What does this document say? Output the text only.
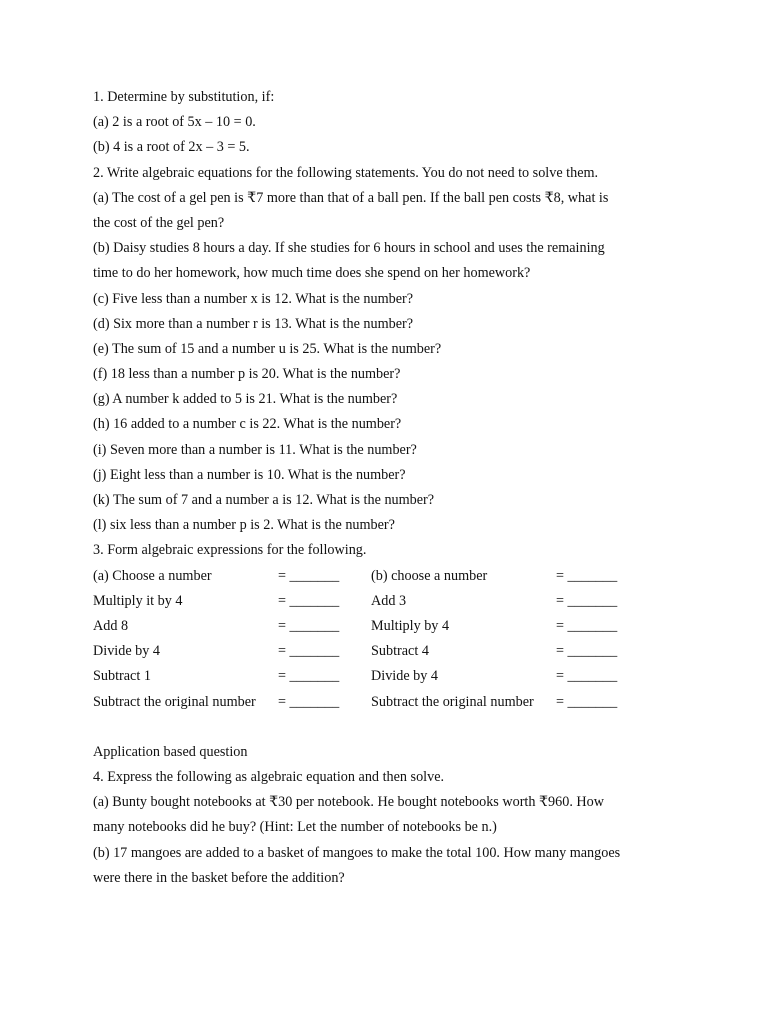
1. Determine by substitution, if:
(a) 2 is a root of 5x – 10 = 0.
(b) 4 is a root of 2x – 3 = 5.
2. Write algebraic equations for the following statements. You do not need to solve them.
(a) The cost of a gel pen is ₹7 more than that of a ball pen. If the ball pen costs ₹8, what is
the cost of the gel pen?
(b) Daisy studies 8 hours a day. If she studies for 6 hours in school and uses the remaining
time to do her homework, how much time does she spend on her homework?
(c) Five less than a number x is 12. What is the number?
(d) Six more than a number r is 13. What is the number?
(e) The sum of 15 and a number u is 25. What is the number?
(f) 18 less than a number p is 20. What is the number?
(g) A number k added to 5 is 21. What is the number?
(h) 16 added to a number c is 22. What is the number?
(i) Seven more than a number is 11. What is the number?
(j) Eight less than a number is 10. What is the number?
(k) The sum of 7 and a number a is 12. What is the number?
(l) six less than a number p is 2. What is the number?
3. Form algebraic expressions for the following.
(a) Choose a number	= _______ (b) choose a number	= _______
Multiply it by 4	= _______ Add 3	= _______
Add 8	= _______ Multiply by 4	= _______
Divide by 4	= _______ Subtract 4	= _______
Subtract 1	= _______ Divide by 4	= _______
Subtract the original number = _______ Subtract the original number = _______
Application based question
4. Express the following as algebraic equation and then solve.
(a) Bunty bought notebooks at ₹30 per notebook. He bought notebooks worth ₹960. How
many notebooks did he buy? (Hint: Let the number of notebooks be n.)
(b) 17 mangoes are added to a basket of mangoes to make the total 100. How many mangoes
were there in the basket before the addition?
